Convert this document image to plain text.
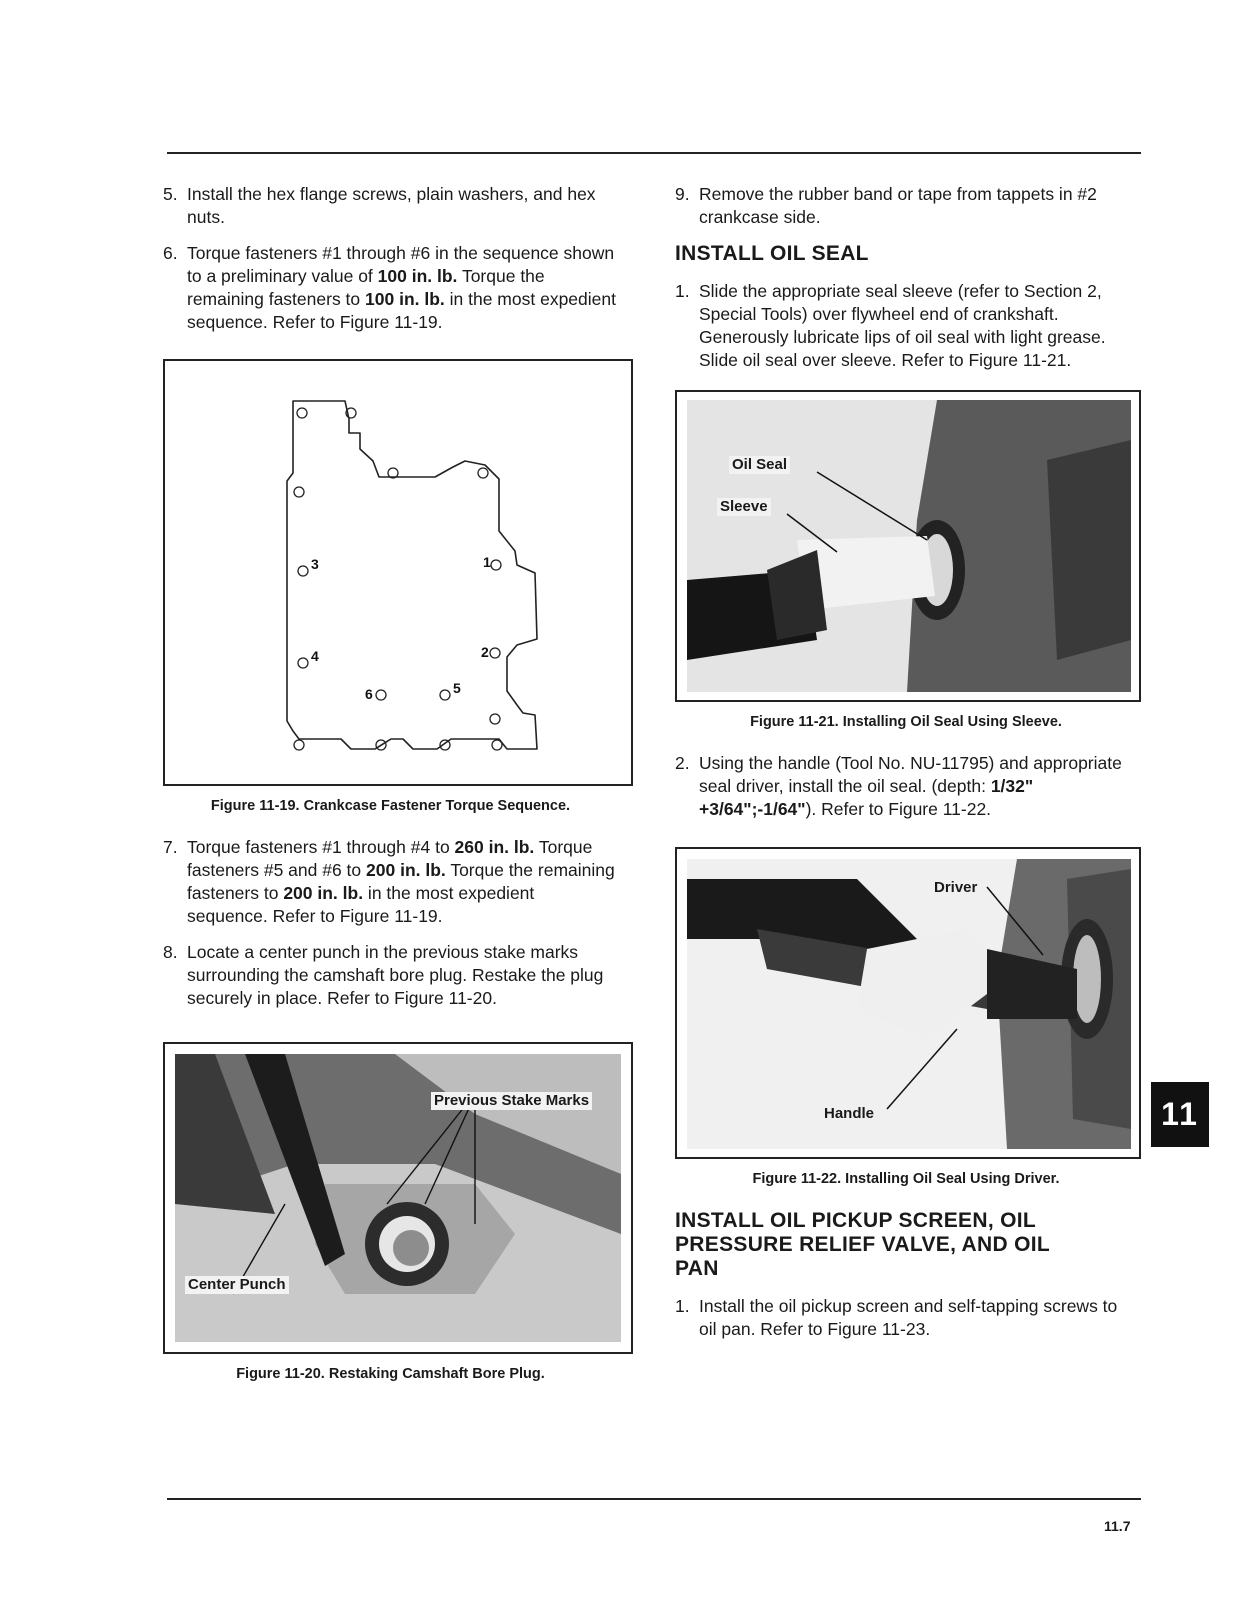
5. Install the hex flange screws, plain washers, and hex nuts.
6. Torque fasteners #1 through #6 in the sequence shown to a preliminary value of 100 in. lb. Torque the remaining fasteners to 100 in. lb. in the most expedient sequence. Refer to Figure 11-19.
1
2
3
4
5
6
Figure 11-19. Crankcase Fastener Torque Sequence.
7. Torque fasteners #1 through #4 to 260 in. lb. Torque fasteners #5 and #6 to 200 in. lb. Torque the remaining fasteners to 200 in. lb. in the most expedient sequence. Refer to Figure 11-19.
8. Locate a center punch in the previous stake marks surrounding the camshaft bore plug. Restake the plug securely in place. Refer to Figure 11-20.
Previous Stake Marks
Center Punch
Figure 11-20. Restaking Camshaft Bore Plug.
9. Remove the rubber band or tape from tappets in #2 crankcase side.
INSTALL OIL SEAL
1. Slide the appropriate seal sleeve (refer to Section 2, Special Tools) over flywheel end of crankshaft. Generously lubricate lips of oil seal with light grease. Slide oil seal over sleeve. Refer to Figure 11-21.
Oil Seal
Sleeve
Figure 11-21. Installing Oil Seal Using Sleeve.
2. Using the handle (Tool No. NU-11795) and appropriate seal driver, install the oil seal. (depth: 1/32" +3/64";-1/64"). Refer to Figure 11-22.
Driver
Handle
Figure 11-22. Installing Oil Seal Using Driver.
INSTALL OIL PICKUP SCREEN, OIL PRESSURE RELIEF VALVE, AND OIL PAN
1. Install the oil pickup screen and self-tapping screws to oil pan. Refer to Figure 11-23.
11
11.7
